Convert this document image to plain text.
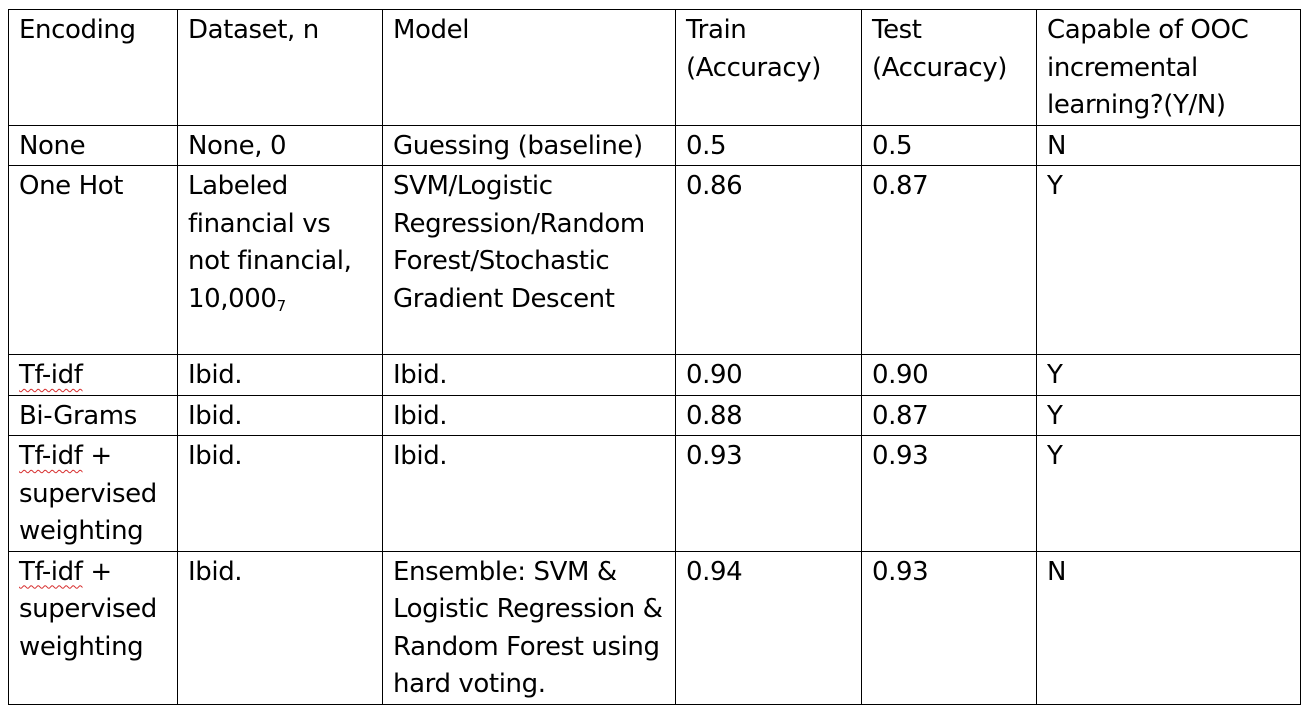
Encoding	Dataset, n	Model	Train (Accuracy)	Test (Accuracy)	Capable of OOC incremental learning?(Y/N)
None	None, 0	Guessing (baseline)	0.5	0.5	N
One Hot	Labeled financial vs not financial, $10,000_7$	SVM/Logistic Regression/Random Forest/Stochastic Gradient Descent	0.86	0.87	Y
Tf-idf	Ibid.	Ibid.	0.90	0.90	Y
Bi-Grams	Ibid.	Ibid.	0.88	0.87	Y
Tf-idf + supervised weighting	Ibid.	Ibid.	0.93	0.93	Y
Tf-idf + supervised weighting	Ibid.	Ensemble: SVM & Logistic Regression & Random Forest using hard voting.	0.94	0.93	N
